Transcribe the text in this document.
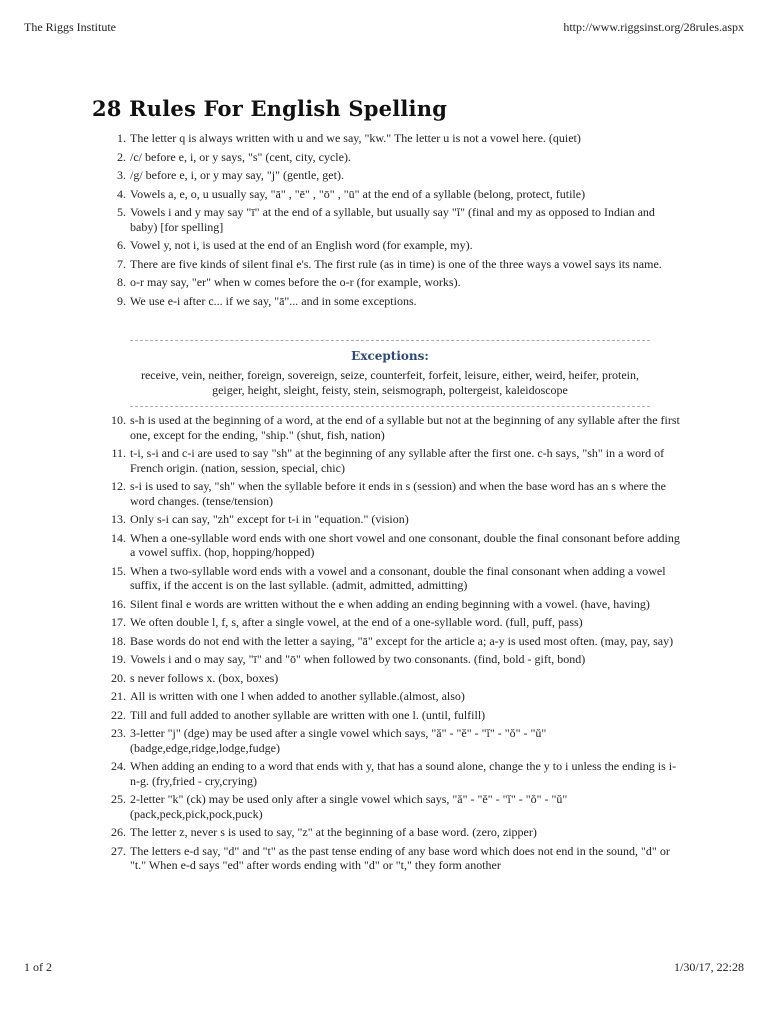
The Riggs Institute	http://www.riggsinst.org/28rules.aspx
28 Rules For English Spelling
1. The letter q is always written with u and we say, "kw." The letter u is not a vowel here. (quiet)
2. /c/ before e, i, or y says, "s" (cent, city, cycle).
3. /g/ before e, i, or y may say, "j" (gentle, get).
4. Vowels a, e, o, u usually say, "ā" , "ē" , "ō" , "ū" at the end of a syllable (belong, protect, futile)
5. Vowels i and y may say "ī" at the end of a syllable, but usually say "ĭ" (final and my as opposed to Indian and baby) [for spelling]
6. Vowel y, not i, is used at the end of an English word (for example, my).
7. There are five kinds of silent final e's. The first rule (as in time) is one of the three ways a vowel says its name.
8. o-r may say, "er" when w comes before the o-r (for example, works).
9. We use e-i after c... if we say, "ā"... and in some exceptions.
Exceptions:
receive, vein, neither, foreign, sovereign, seize, counterfeit, forfeit, leisure, either, weird, heifer, protein, geiger, height, sleight, feisty, stein, seismograph, poltergeist, kaleidoscope
10. s-h is used at the beginning of a word, at the end of a syllable but not at the beginning of any syllable after the first one, except for the ending, "ship." (shut, fish, nation)
11. t-i, s-i and c-i are used to say "sh" at the beginning of any syllable after the first one. c-h says, "sh" in a word of French origin. (nation, session, special, chic)
12. s-i is used to say, "sh" when the syllable before it ends in s (session) and when the base word has an s where the word changes. (tense/tension)
13. Only s-i can say, "zh" except for t-i in "equation." (vision)
14. When a one-syllable word ends with one short vowel and one consonant, double the final consonant before adding a vowel suffix. (hop, hopping/hopped)
15. When a two-syllable word ends with a vowel and a consonant, double the final consonant when adding a vowel suffix, if the accent is on the last syllable. (admit, admitted, admitting)
16. Silent final e words are written without the e when adding an ending beginning with a vowel. (have, having)
17. We often double l, f, s, after a single vowel, at the end of a one-syllable word. (full, puff, pass)
18. Base words do not end with the letter a saying, "ā" except for the article a; a-y is used most often. (may, pay, say)
19. Vowels i and o may say, "ī" and "ō" when followed by two consonants. (find, bold - gift, bond)
20. s never follows x. (box, boxes)
21. All is written with one l when added to another syllable.(almost, also)
22. Till and full added to another syllable are written with one l. (until, fulfill)
23. 3-letter "j" (dge) may be used after a single vowel which says, "ă" - "ĕ" - "ĭ" - "ŏ" - "ŭ" (badge,edge,ridge,lodge,fudge)
24. When adding an ending to a word that ends with y, that has a sound alone, change the y to i unless the ending is i-n-g. (fry,fried - cry,crying)
25. 2-letter "k" (ck) may be used only after a single vowel which says, "ă" - "ĕ" - "ĭ" - "ŏ" - "ŭ" (pack,peck,pick,pock,puck)
26. The letter z, never s is used to say, "z" at the beginning of a base word. (zero, zipper)
27. The letters e-d say, "d" and "t" as the past tense ending of any base word which does not end in the sound, "d" or "t." When e-d says "ed" after words ending with "d" or "t," they form another
1 of 2	1/30/17, 22:28
